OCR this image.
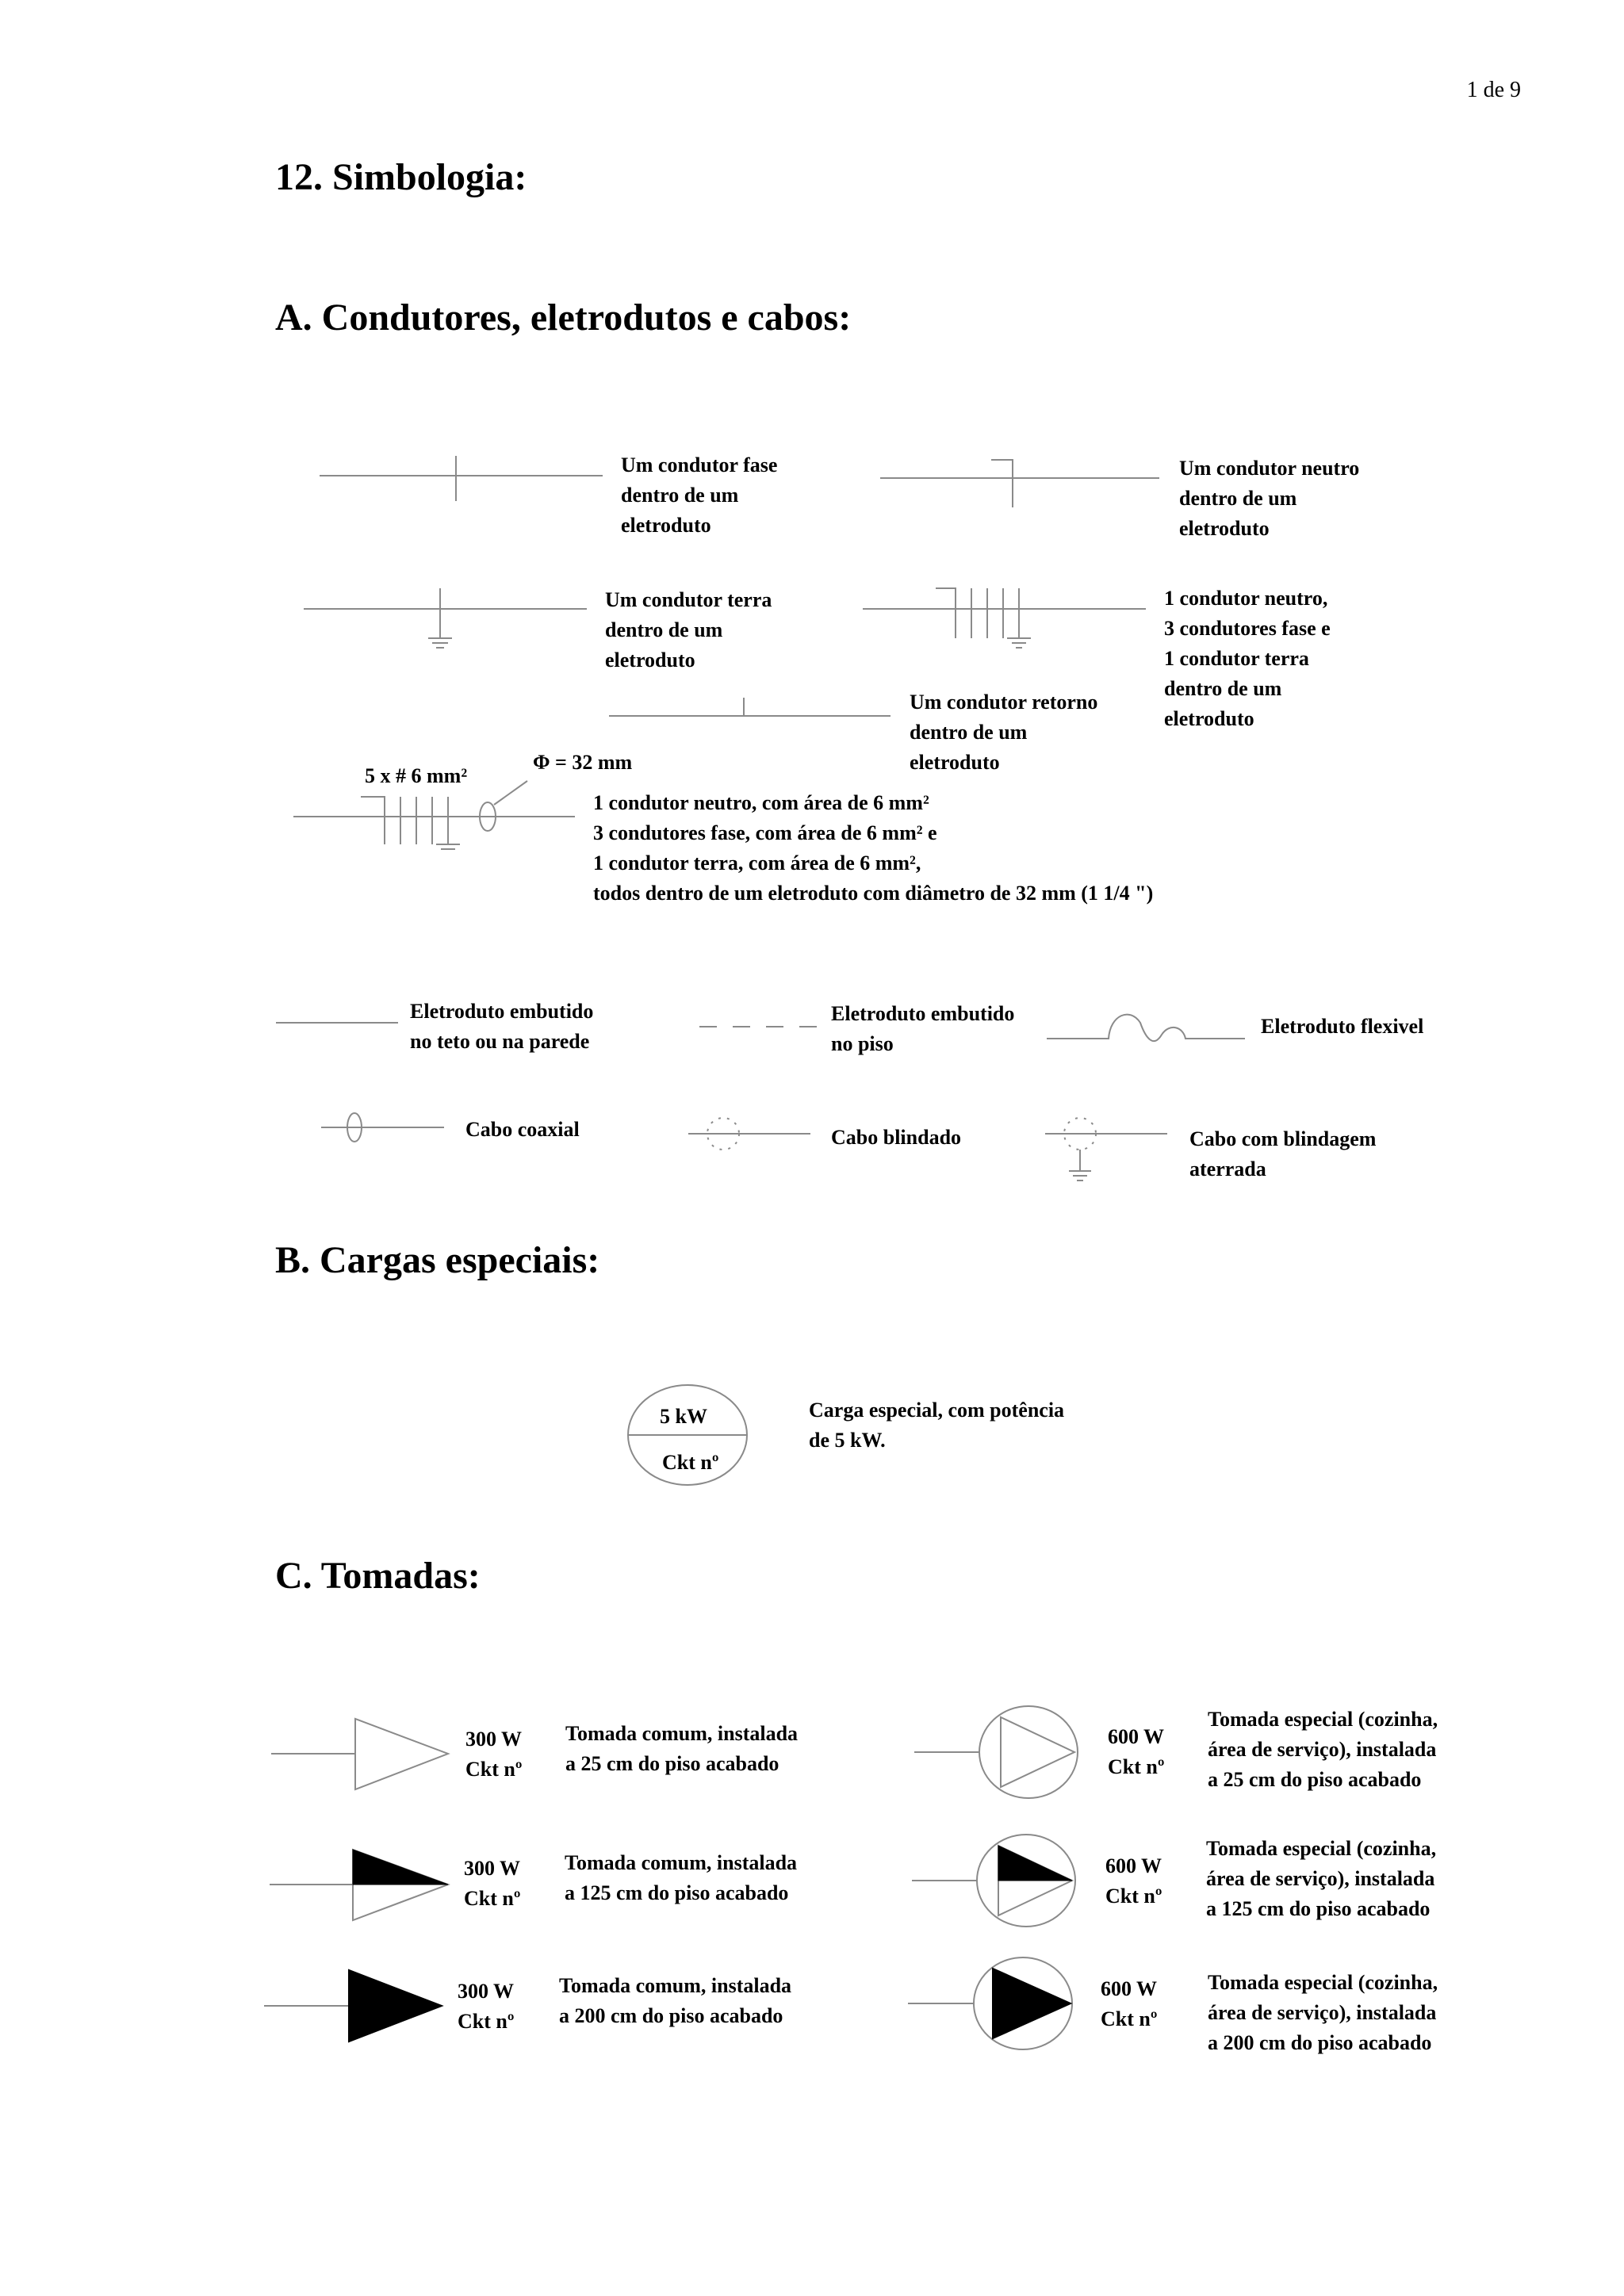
1 de 9
12. Simbologia:
A. Condutores, eletrodutos e cabos:
Um condutor fase
dentro de um
eletroduto
Um condutor neutro
dentro de um
eletroduto
Um condutor terra
dentro de um
eletroduto
1 condutor neutro,
3 condutores fase e
1 condutor terra
dentro de um
eletroduto
Um condutor retorno
dentro de um
eletroduto
5 x # 6 mm²
Φ = 32 mm
1 condutor neutro, com área de 6 mm²
3 condutores fase, com área de 6 mm² e
1 condutor terra, com área de 6 mm²,
todos dentro de um eletroduto com diâmetro de 32 mm (1 1/4 ")
Eletroduto embutido
no teto ou na parede
Eletroduto embutido
no piso
Eletroduto flexivel
Cabo coaxial	Cabo blindado	Cabo com blindagem
aterrada
B. Cargas especiais:
5 kW
Ckt nº
Carga especial, com potência
de 5 kW.
C. Tomadas:
300 W
Ckt nº
Tomada comum, instalada
a 25 cm do piso acabado
600 W
Ckt nº
Tomada especial (cozinha,
área de serviço), instalada
a 25 cm do piso acabado
300 W
Ckt nº
Tomada comum, instalada
a 125 cm do piso acabado
600 W
Ckt nº
Tomada especial (cozinha,
área de serviço), instalada
a 125 cm do piso acabado
300 W
Ckt nº
Tomada comum, instalada
a 200 cm do piso acabado
600 W
Ckt nº
Tomada especial (cozinha,
área de serviço), instalada
a 200 cm do piso acabado
